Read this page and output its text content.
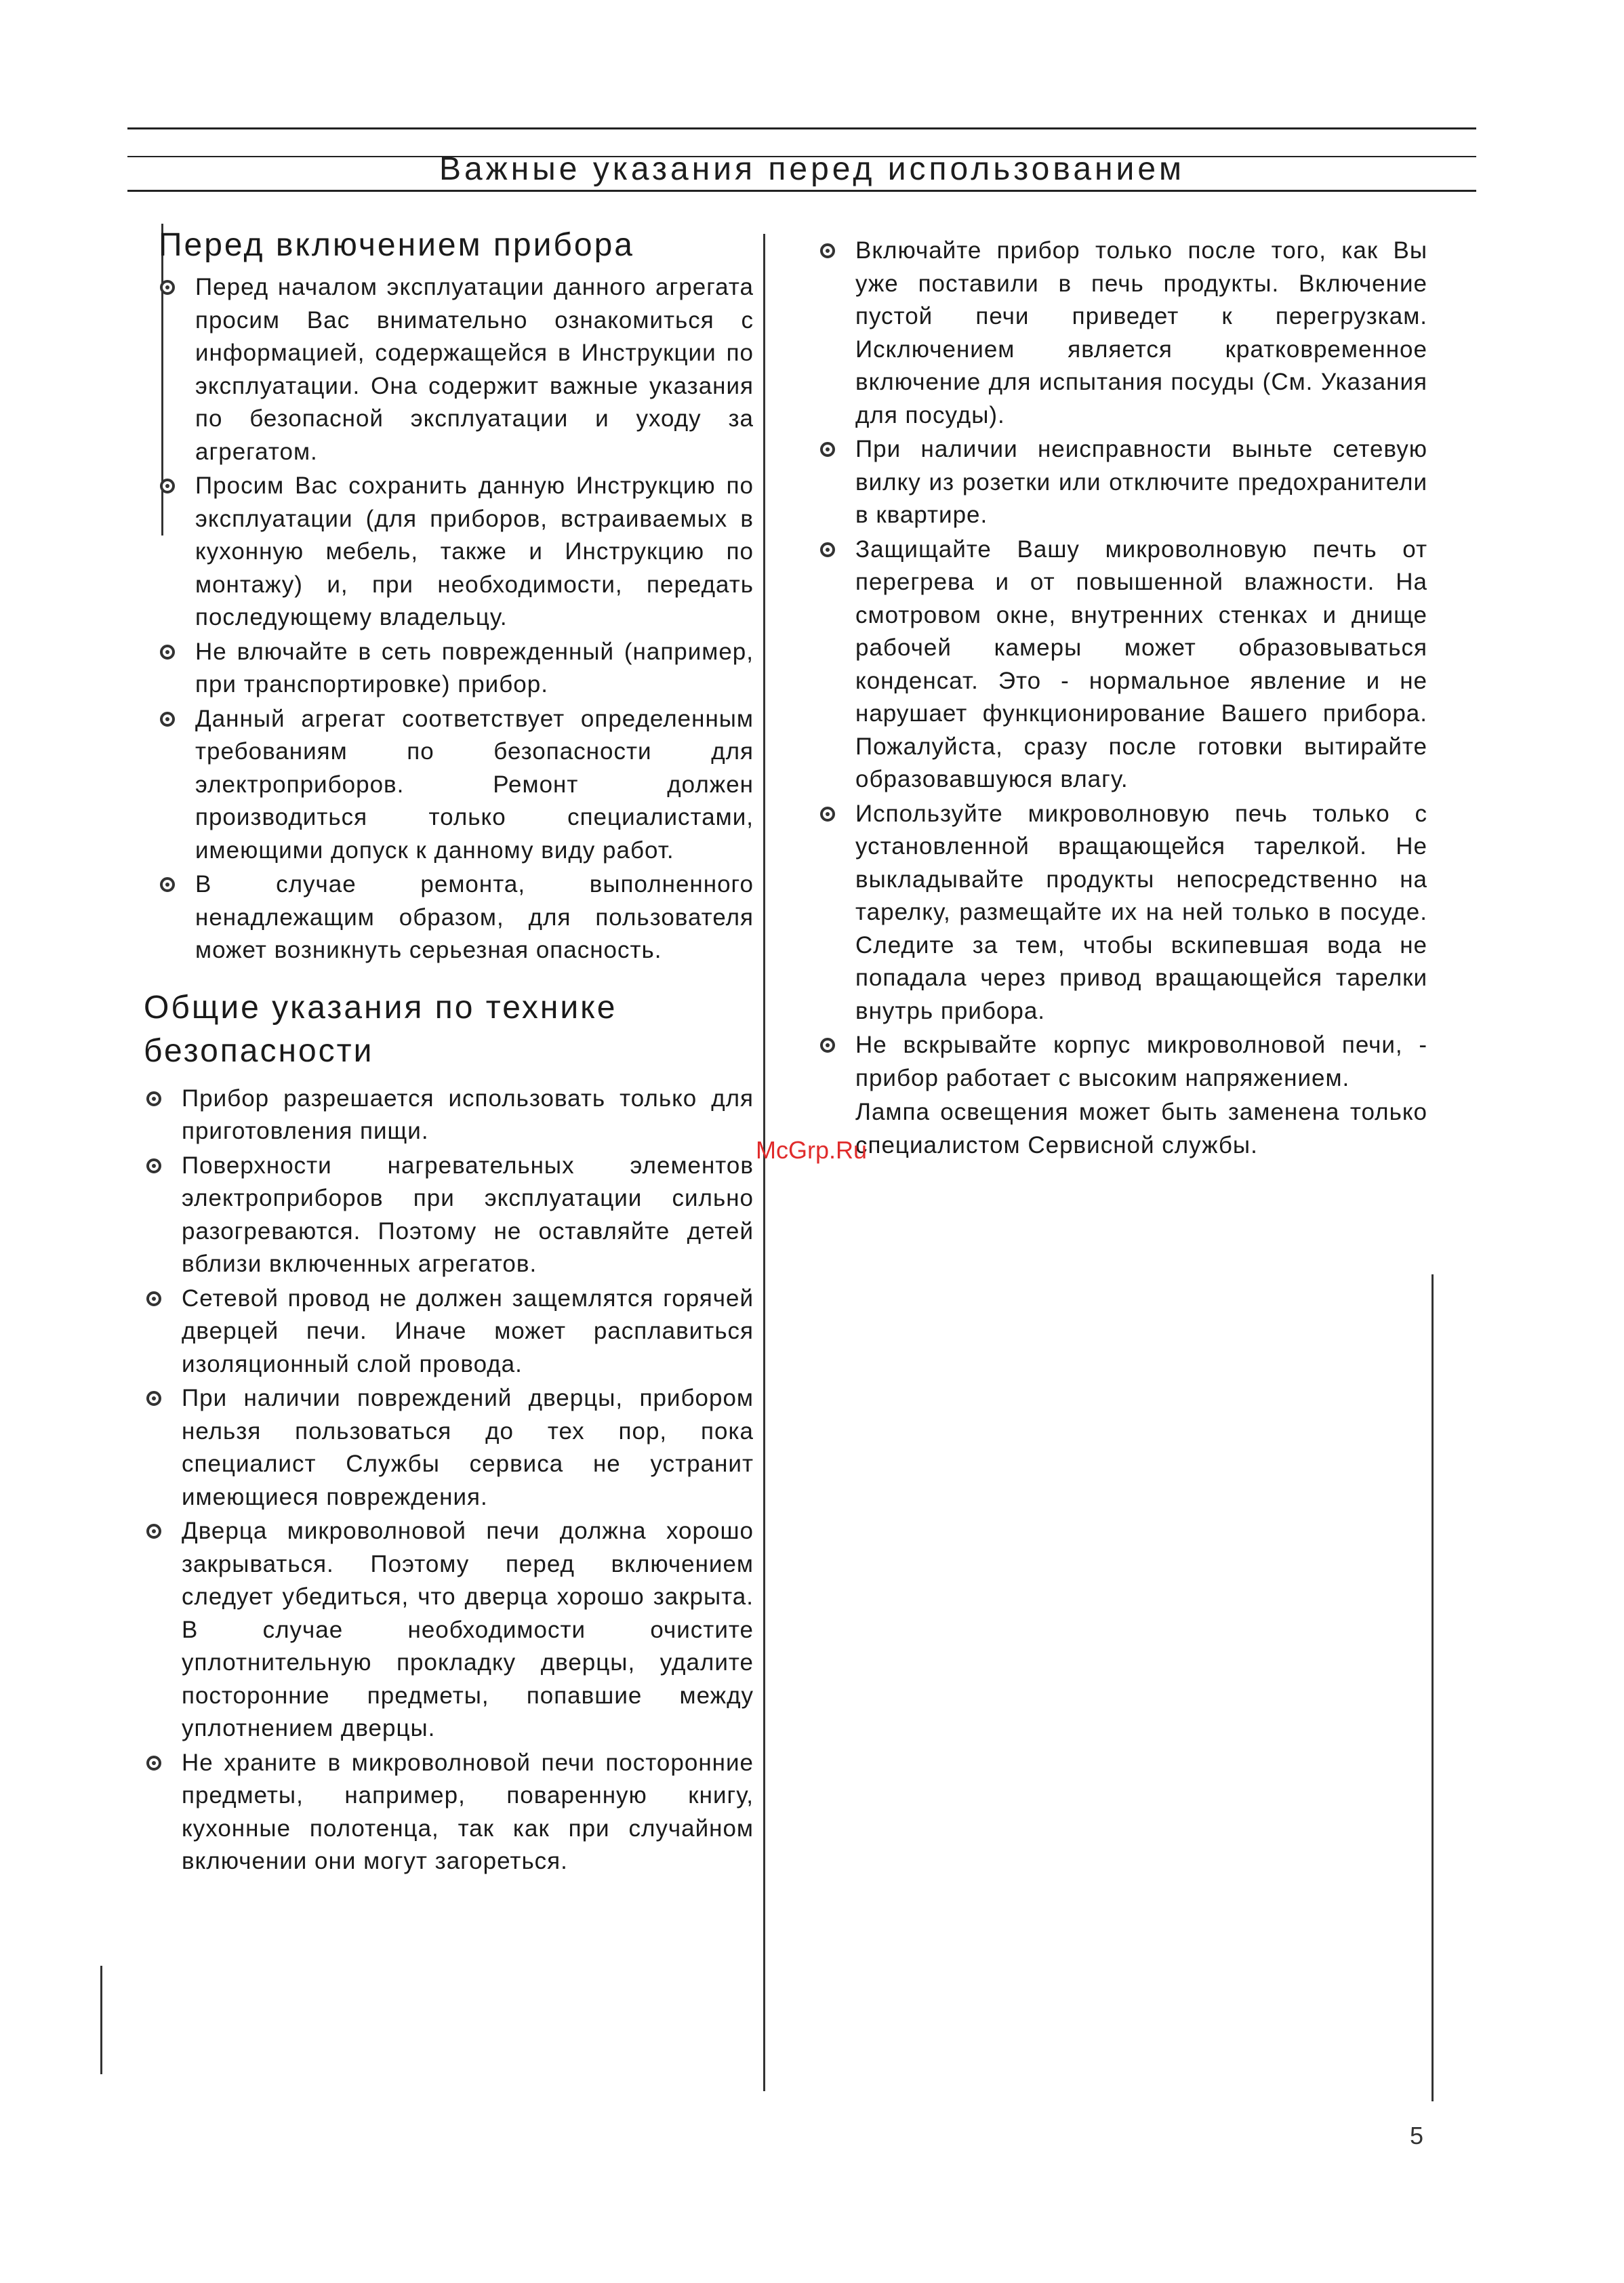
Важные указания перед использованием
Перед включением прибора
Перед началом эксплуатации данного агрегата просим Вас внимательно ознакомиться с информацией, содержащейся в Инструкции по эксплуатации. Она содержит важные указания по безопасной эксплуатации и уходу за агрегатом.
Просим Вас сохранить данную Инструкцию по эксплуатации (для приборов, встраиваемых в кухонную мебель, также и Инструкцию по монтажу) и, при необходимости, передать последующему владельцу.
Не влючайте в сеть поврежденный (например, при транспортировке) прибор.
Данный агрегат соответствует определенным требованиям по безопасности для электроприборов. Ремонт должен производиться только специалистами, имеющими допуск к данному виду работ.
В случае ремонта, выполненного ненадлежащим образом, для пользователя может возникнуть серьезная опасность.
Общие указания по технике безопасности
Прибор разрешается использовать только для приготовления пищи.
Поверхности нагревательных элементов электроприборов при эксплуатации сильно разогреваются. Поэтому не оставляйте детей вблизи включенных агрегатов.
Сетевой провод не должен защемлятся горячей дверцей печи. Иначе может расплавиться изоляционный слой провода.
При наличии повреждений дверцы, прибором нельзя пользоваться до тех пор, пока специалист Службы сервиса не устранит имеющиеся повреждения.
Дверца микроволновой печи должна хорошо закрываться. Поэтому перед включением следует убедиться, что дверца хорошо закрыта. В случае необходимости очистите уплотнительную прокладку дверцы, удалите посторонние предметы, попавшие между уплотнением дверцы.
Не храните в микроволновой печи посторонние предметы, например, поваренную книгу, кухонные полотенца, так как при случайном включении они могут загореться.
Включайте прибор только после того, как Вы уже поставили в печь продукты. Включение пустой печи приведет к перегрузкам. Исключением является кратковременное включение для испытания посуды (См. Указания для посуды).
При наличии неисправности выньте сетевую вилку из розетки или отключите предохранители в квартире.
Защищайте Вашу микроволновую печть от перегрева и от повышенной влажности. На смотровом окне, внутренних стенках и днище рабочей камеры может образовываться конденсат. Это - нормальное явление и не нарушает функционирование Вашего прибора. Пожалуйста, сразу после готовки вытирайте образовавшуюся влагу.
Используйте микроволновую печь только с установленной вращающейся тарелкой. Не выкладывайте продукты непосредственно на тарелку, размещайте их на ней только в посуде. Следите за тем, чтобы вскипевшая вода не попадала через привод вращающейся тарелки внутрь прибора.
Не вскрывайте корпус микроволновой печи, - прибор работает с высоким напряжением.
Лампа освещения может быть заменена только специалистом Сервисной службы.
McGrp.Ru
5
